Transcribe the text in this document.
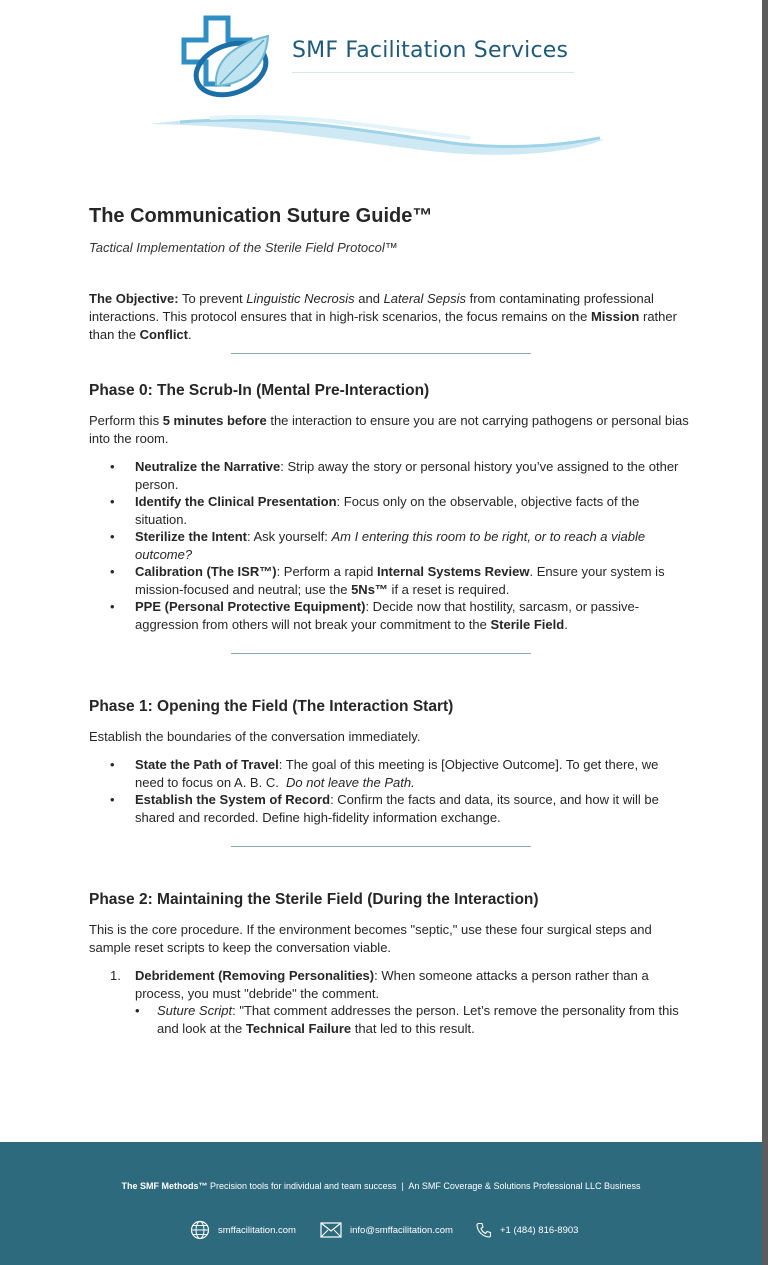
SMF Facilitation Services
The Communication Suture Guide™
Tactical Implementation of the Sterile Field Protocol™

The Objective: To prevent Linguistic Necrosis and Lateral Sepsis from contaminating professional interactions. This protocol ensures that in high-risk scenarios, the focus remains on the Mission rather than the Conflict.

Phase 0: The Scrub-In (Mental Pre-Interaction)

Perform this 5 minutes before the interaction to ensure you are not carrying pathogens or personal bias into the room.

• Neutralize the Narrative: Strip away the story or personal history you’ve assigned to the other person.
• Identify the Clinical Presentation: Focus only on the observable, objective facts of the situation.
• Sterilize the Intent: Ask yourself: Am I entering this room to be right, or to reach a viable outcome?
• Calibration (The ISR™): Perform a rapid Internal Systems Review. Ensure your system is mission-focused and neutral; use the 5Ns™ if a reset is required.
• PPE (Personal Protective Equipment): Decide now that hostility, sarcasm, or passive-aggression from others will not break your commitment to the Sterile Field.
Phase 1: Opening the Field (The Interaction Start)

Establish the boundaries of the conversation immediately.

• State the Path of Travel: The goal of this meeting is [Objective Outcome]. To get there, we need to focus on A. B. C.  Do not leave the Path.
• Establish the System of Record: Confirm the facts and data, its source, and how it will be shared and recorded. Define high-fidelity information exchange.
Phase 2: Maintaining the Sterile Field (During the Interaction)

This is the core procedure. If the environment becomes "septic," use these four surgical steps and sample reset scripts to keep the conversation viable.

1. Debridement (Removing Personalities): When someone attacks a person rather than a process, you must "debride" the comment.
• Suture Script: "That comment addresses the person. Let’s remove the personality from this and look at the Technical Failure that led to this result.
The SMF Methods™ Precision tools for individual and team success  |  An SMF Coverage & Solutions Professional LLC Business
smffacilitation.com	info@smffacilitation.com	+1 (484) 816-8903
